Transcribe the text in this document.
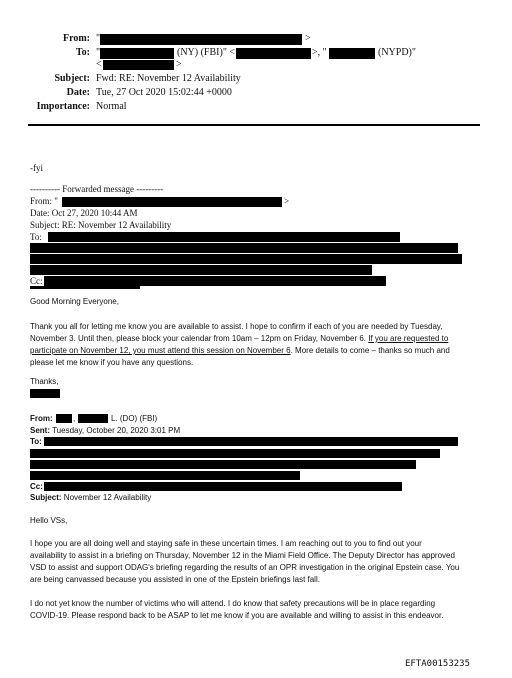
From: "	>
To: "	(NY) (FBI)" <	>, "	(NYPD)"
<	>
Subject: Fwd: RE: November 12 Availability
Date: Tue, 27 Oct 2020 15:02:44 +0000
Importance: Normal
-fyi
---------- Forwarded message ---------
From: "	>
Date: Oct 27, 2020 10:44 AM
Subject: RE: November 12 Availability
To:
Cc:
Good Morning Everyone,

Thank you all for letting me know you are available to assist. I hope to confirm if each of you are needed by Tuesday,

November 3. Until then, please block your calendar from 10am – 12pm on Friday, November 6. If you are requested to

participate on November 12, you must attend this session on November 6. More details to come – thanks so much and

please let me know if you have any questions.

Thanks,
From:	,	L. (DO) (FBI)
Sent: Tuesday, October 20, 2020 3:01 PM
To:
Cc:
Subject: November 12 Availability
Hello VSs,

I hope you are all doing well and staying safe in these uncertain times. I am reaching out to you to find out your

availability to assist in a briefing on Thursday, November 12 in the Miami Field Office. The Deputy Director has approved

VSD to assist and support ODAG's briefing regarding the results of an OPR investigation in the original Epstein case. You

are being canvassed because you assisted in one of the Epstein briefings last fall.

I do not yet know the number of victims who will attend. I do know that safety precautions will be in place regarding

COVID-19. Please respond back to be ASAP to let me know if you are available and willing to assist in this endeavor.

EFTA00153235
